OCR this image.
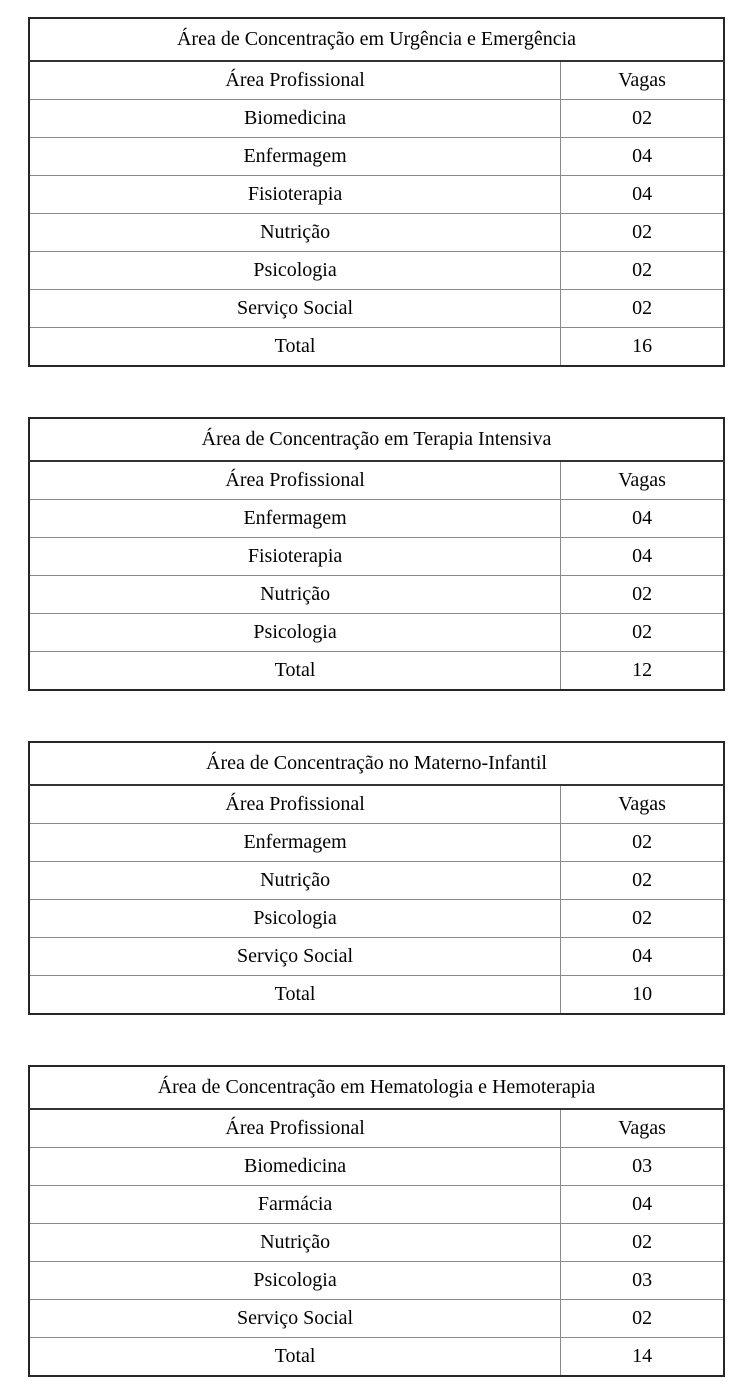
Área de Concentração em Urgência e Emergência	
Área Profissional	Vagas
Biomedicina	02
Enfermagem	04
Fisioterapia	04
Nutrição	02
Psicologia	02
Serviço Social	02
Total	16
Área de Concentração em Terapia Intensiva	
Área Profissional	Vagas
Enfermagem	04
Fisioterapia	04
Nutrição	02
Psicologia	02
Total	12
Área de Concentração no Materno-Infantil	
Área Profissional	Vagas
Enfermagem	02
Nutrição	02
Psicologia	02
Serviço Social	04
Total	10
Área de Concentração em Hematologia e Hemoterapia	
Área Profissional	Vagas
Biomedicina	03
Farmácia	04
Nutrição	02
Psicologia	03
Serviço Social	02
Total	14
